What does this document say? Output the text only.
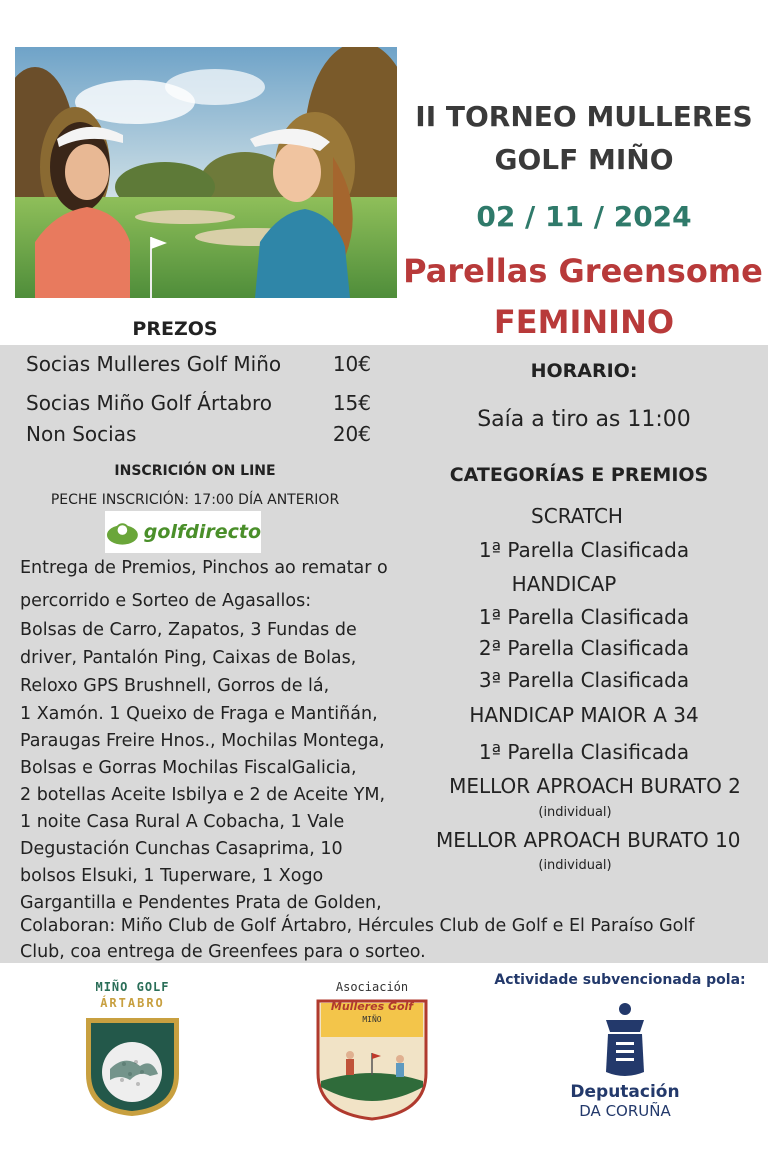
II TORNEO MULLERES
GOLF MIÑO
02 / 11 / 2024
Parellas Greensome
FEMININO
PREZOS
Socias Mulleres Golf Miño	10€
Socias Miño Golf Ártabro	15€
Non Socias	20€
INSCRICIÓN ON LINE
PECHE INSCRICIÓN: 17:00 DÍA ANTERIOR
golfdirecto
Entrega de Premios, Pinchos ao rematar o
percorrido e Sorteo de Agasallos:
Bolsas de Carro, Zapatos, 3 Fundas de
driver, Pantalón Ping, Caixas de Bolas,
Reloxo GPS Brushnell, Gorros de lá,
1 Xamón. 1 Queixo de Fraga e Mantiñán,
Paraugas Freire Hnos., Mochilas Montega,
Bolsas e Gorras Mochilas FiscalGalicia,
2 botellas Aceite Isbilya e 2 de Aceite YM,
1 noite Casa Rural A Cobacha, 1 Vale
Degustación Cunchas Casaprima, 10
bolsos Elsuki, 1 Tuperware, 1 Xogo
Gargantilla e Pendentes Prata de Golden,
Colaboran: Miño Club de Golf Ártabro, Hércules Club de Golf e El Paraíso Golf
Club, coa entrega de Greenfees para o sorteo.
HORARIO:
Saía a tiro as 11:00
CATEGORÍAS E PREMIOS
SCRATCH
1ª Parella Clasificada
HANDICAP
1ª Parella Clasificada
2ª Parella Clasificada
3ª Parella Clasificada
HANDICAP MAIOR A 34
1ª Parella Clasificada
MELLOR APROACH BURATO 2
(individual)
MELLOR APROACH BURATO 10
(individual)
MIÑO GOLF
ÁRTABRO
Asociación
Mulleres Golf
MIÑO
Actividade subvencionada pola:
Deputación
DA CORUÑA
